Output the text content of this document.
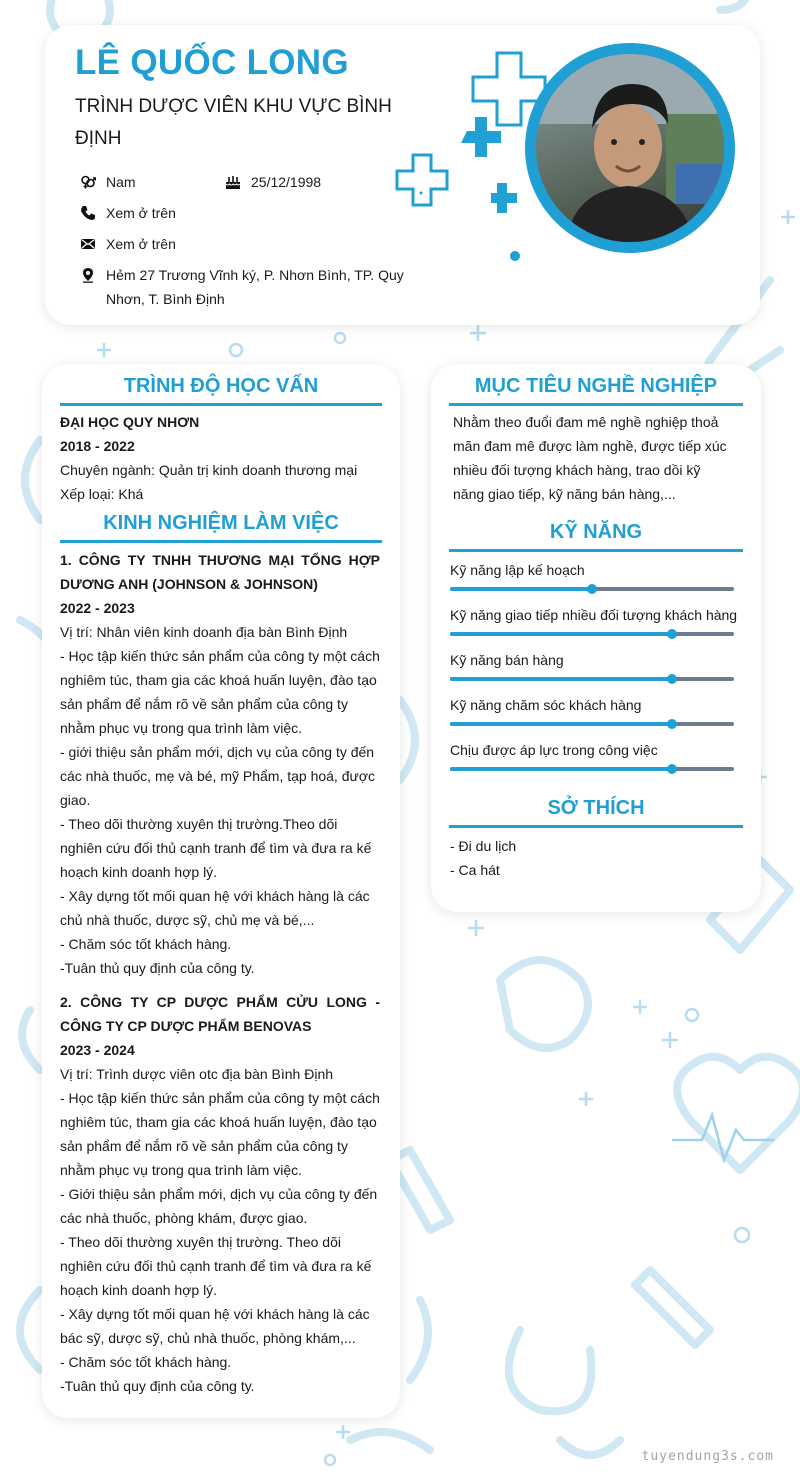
LÊ QUỐC LONG
TRÌNH DƯỢC VIÊN KHU VỰC BÌNH ĐỊNH
Nam	25/12/1998
Xem ở trên
Xem ở trên
Hẻm 27 Trương Vĩnh ký, P. Nhơn Bình, TP. Quy Nhơn, T. Bình Định
TRÌNH ĐỘ HỌC VẤN
ĐẠI HỌC QUY NHƠN
2018 - 2022
Chuyên ngành: Quản trị kinh doanh thương mại
Xếp loại: Khá
KINH NGHIỆM LÀM VIỆC
1. CÔNG TY TNHH THƯƠNG MẠI TỔNG HỢP DƯƠNG ANH (JOHNSON & JOHNSON)
2022 - 2023
Vị trí: Nhân viên kinh doanh địa bàn Bình Định
- Học tập kiến thức sản phẩm của công ty một cách nghiêm túc, tham gia các khoá huấn luyện, đào tạo sản phẩm để nắm rõ về sản phẩm của công ty nhằm phục vụ trong qua trình làm việc.
- giới thiệu sản phẩm mới, dịch vụ của công ty đến các nhà thuốc, mẹ và bé, mỹ Phẩm, tạp hoá, được giao.
- Theo dõi thường xuyên thị trường.Theo dõi nghiên cứu đối thủ cạnh tranh để tìm và đưa ra kế hoạch kinh doanh hợp lý.
- Xây dựng tốt mối quan hệ với khách hàng là các chủ nhà thuốc, dược sỹ, chủ mẹ và bé,...
- Chăm sóc tốt khách hàng.
-Tuân thủ quy định của công ty.
2. CÔNG TY CP DƯỢC PHẨM CỬU LONG - CÔNG TY CP DƯỢC PHẨM BENOVAS
2023 - 2024
Vị trí: Trình dược viên otc địa bàn Bình Định
- Học tập kiến thức sản phẩm của công ty một cách nghiêm túc, tham gia các khoá huấn luyện, đào tạo sản phẩm để nắm rõ về sản phẩm của công ty nhằm phục vụ trong qua trình làm việc.
- Giới thiệu sản phẩm mới, dịch vụ của công ty đến các nhà thuốc, phòng khám, được giao.
- Theo dõi thường xuyên thị trường. Theo dõi nghiên cứu đối thủ cạnh tranh để tìm và đưa ra kế hoạch kinh doanh hợp lý.
- Xây dựng tốt mối quan hệ với khách hàng là các bác sỹ, dược sỹ, chủ nhà thuốc, phòng khám,...
- Chăm sóc tốt khách hàng.
-Tuân thủ quy định của công ty.
MỤC TIÊU NGHỀ NGHIỆP
Nhằm theo đuổi đam mê nghề nghiệp thoả mãn đam mê được làm nghề, được tiếp xúc nhiều đối tượng khách hàng, trao dồi kỹ năng giao tiếp, kỹ năng bán hàng,...
KỸ NĂNG
Kỹ năng lập kế hoạch
Kỹ năng giao tiếp nhiều đối tượng khách hàng
Kỹ năng bán hàng
Kỹ năng chăm sóc khách hàng
Chịu được áp lực trong công việc
SỞ THÍCH
- Đi du lịch
- Ca hát
tuyendung3s.com
